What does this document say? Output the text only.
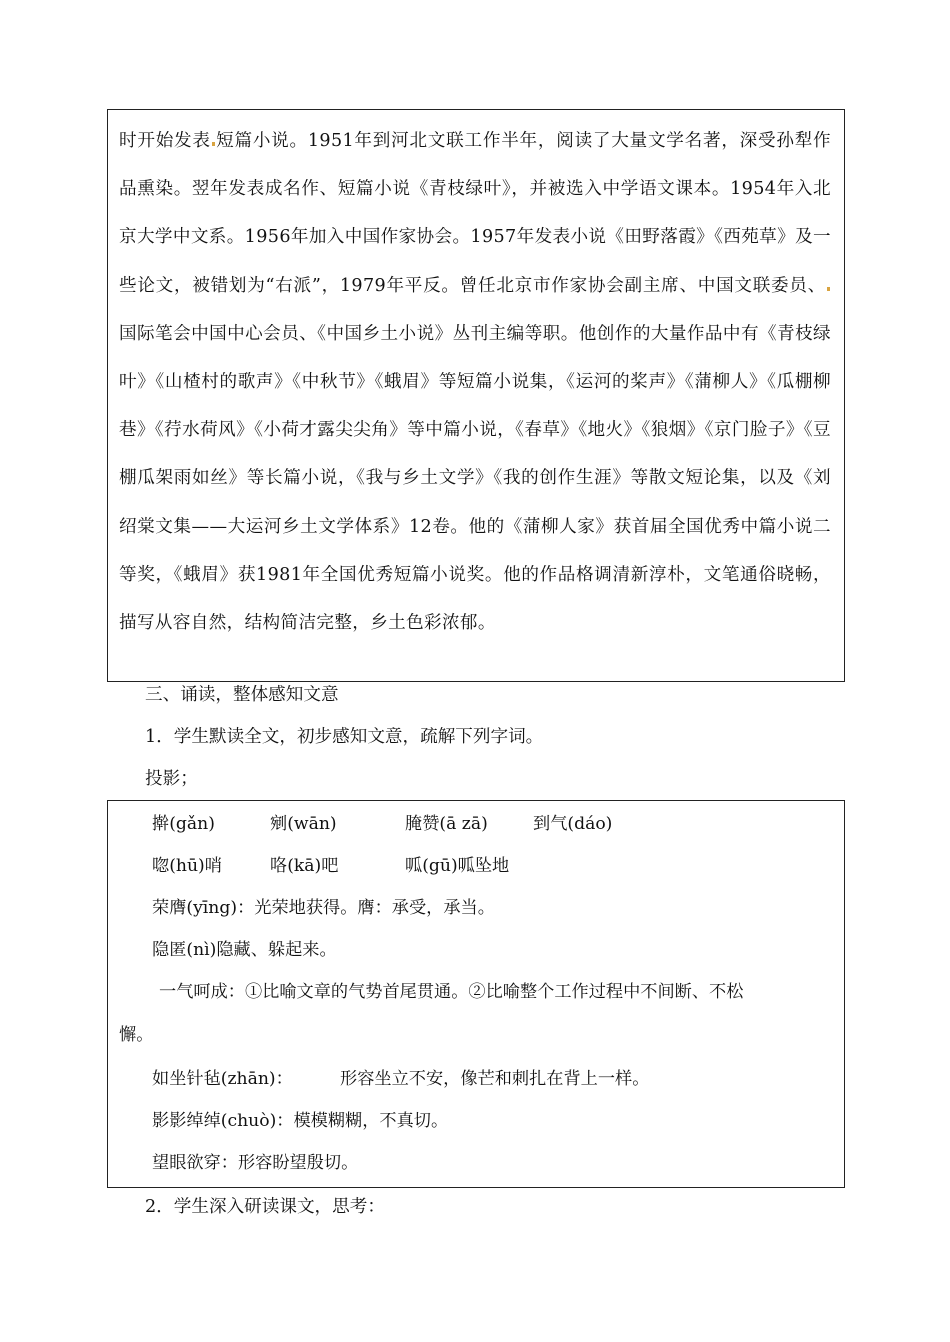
时开始发表 短篇小说。1951年到河北文联工作半年，阅读了大量文学名著，深受孙犁作品熏染。翌年发表成名作、短篇小说《青枝绿叶》，并被选入中学语文课本。1954年入北京大学中文系。1956年加入中国作家协会。1957年发表小说《田野落霞》《西苑草》及一些论文，被错划为“右派”，1979年平反。曾任北京市作家协会副主席、中国文联委员、国际笔会中国中心会员、《中国乡土小说》丛刊主编等职。他创作的大量作品中有《青枝绿叶》《山楂村的歌声》《中秋节》《蛾眉》等短篇小说集，《运河的桨声》《蒲柳人》《瓜棚柳巷》《荇水荷风》《小荷才露尖尖角》等中篇小说，《春草》《地火》《狼烟》《京门脸子》《豆棚瓜架雨如丝》等长篇小说，《我与乡土文学》《我的创作生涯》等散文短论集，以及《刘绍棠文集——大运河乡土文学体系》12卷。他的《蒲柳人家》获首届全国优秀中篇小说二等奖，《蛾眉》获1981年全国优秀短篇小说奖。他的作品格调清新淳朴，文笔通俗晓畅，描写从容自然，结构简洁完整，乡土色彩浓郁。

三、诵读，整体感知文意

1．学生默读全文，初步感知文意，疏解下列字词。

投影；

擀(gǎn)	剜(wān)	腌赞(ā zā)	到气(dáo)
唿(hū)哨	咯(kā)吧	呱(gū)呱坠地
荣膺(yīng)：光荣地获得。膺：承受，承当。
隐匿(nì)隐藏、躲起来。
一气呵成：①比喻文章的气势首尾贯通。②比喻整个工作过程中不间断、不松
懈。
如坐针毡(zhān)：	形容坐立不安，像芒和刺扎在背上一样。
影影绰绰(chuò)：模模糊糊，不真切。
望眼欲穿：形容盼望殷切。

2．学生深入研读课文，思考：
